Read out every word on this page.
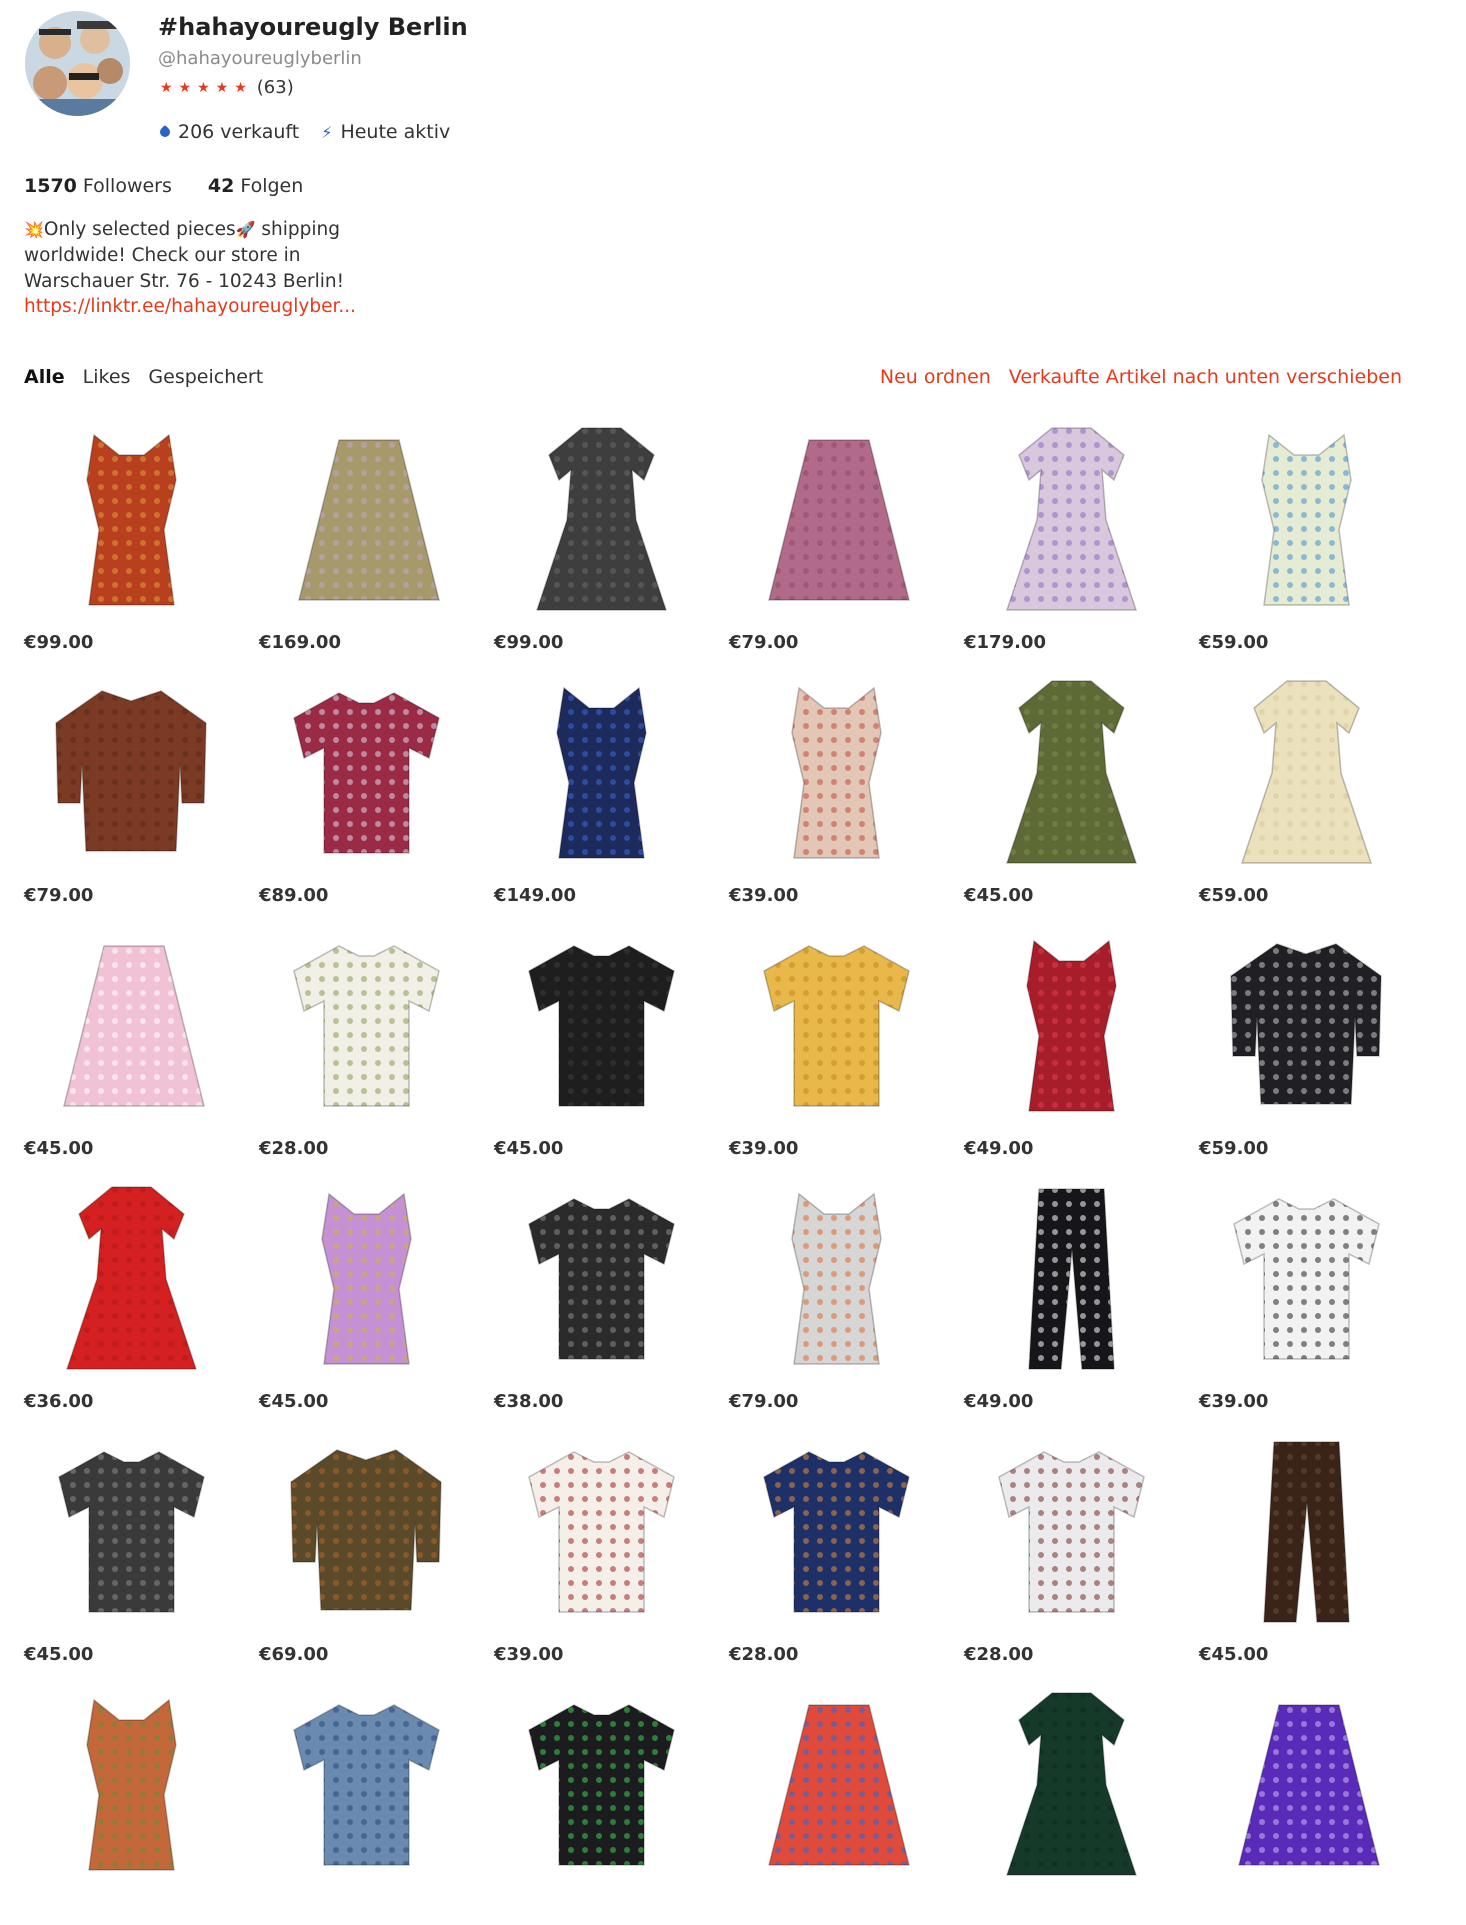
#hahayoureugly Berlin
@hahayoureuglyberlin
★★★★★ (63)
206 verkauft ⚡ Heute aktiv
1570 Followers 42 Folgen
💥Only selected pieces🚀 shipping
worldwide! Check our store in
Warschauer Str. 76 - 10243 Berlin!
https://linktr.ee/hahayoureuglyber...
Alle Likes Gespeichert	Neu ordnen Verkaufte Artikel nach unten verschieben
€99.00	€169.00	€99.00	€79.00	€179.00	€59.00
€79.00	€89.00	€149.00	€39.00	€45.00	€59.00
€45.00	€28.00	€45.00	€39.00	€49.00	€59.00
€36.00	€45.00	€38.00	€79.00	€49.00	€39.00
€45.00	€69.00	€39.00	€28.00	€28.00	€45.00
